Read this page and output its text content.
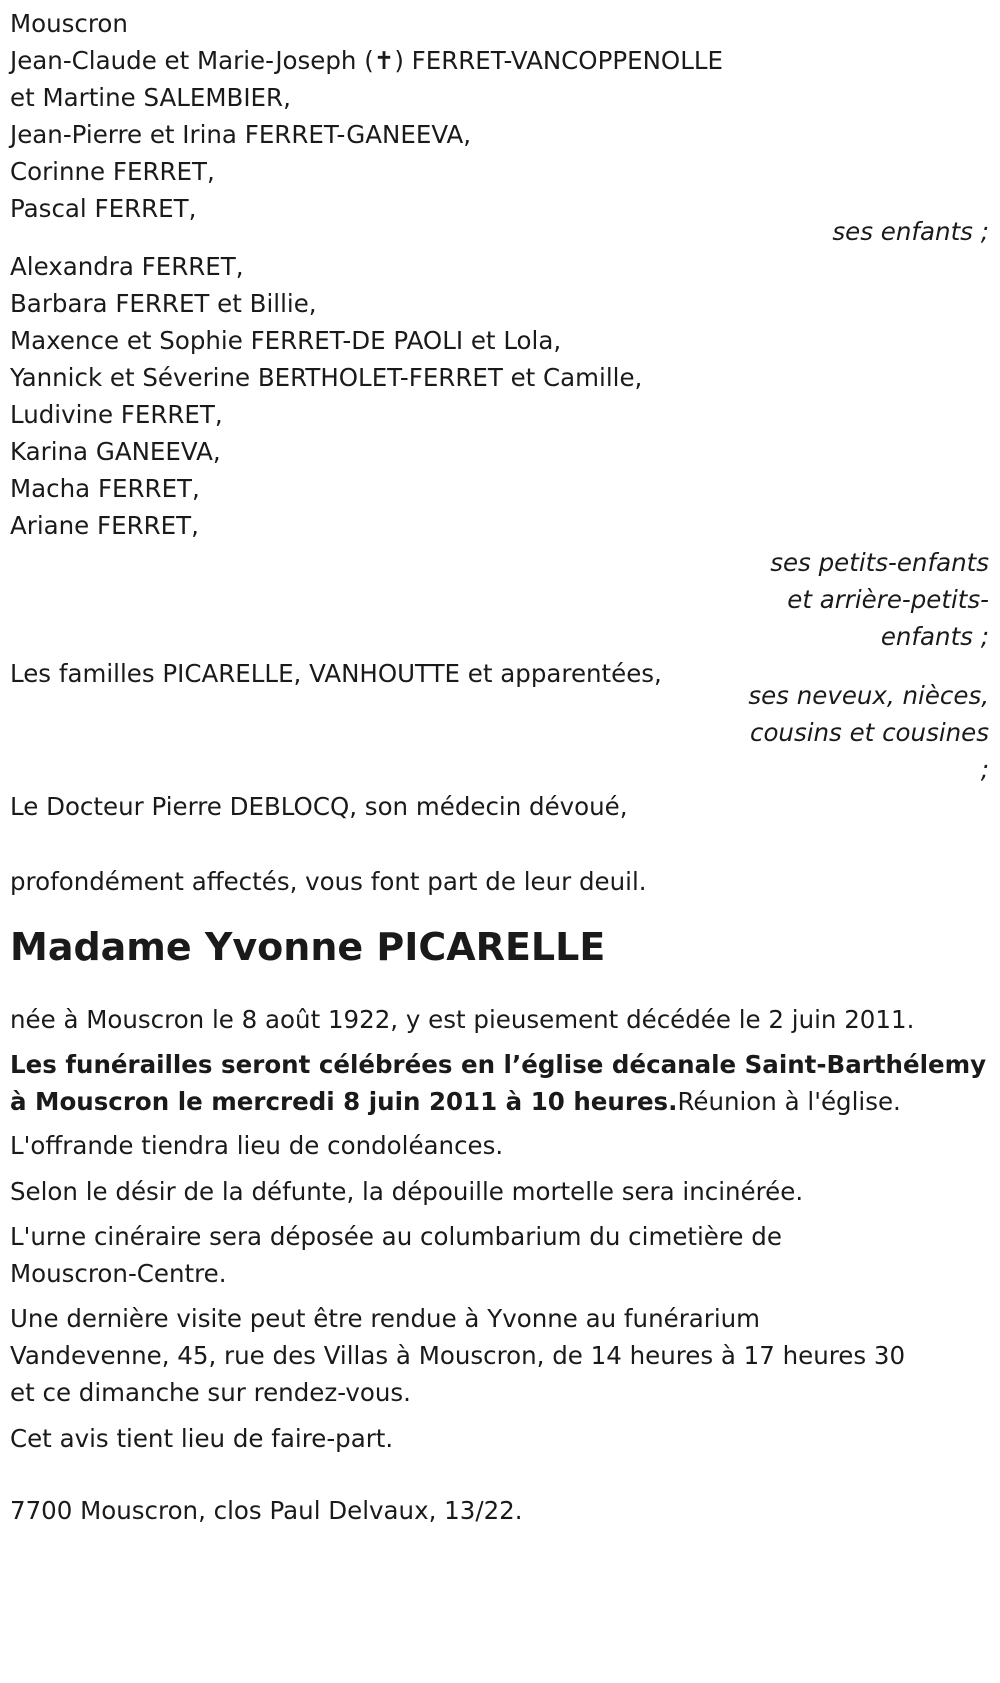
Mouscron
Jean-Claude et Marie-Joseph (✝) FERRET-VANCOPPENOLLE
et Martine SALEMBIER,
Jean-Pierre et Irina FERRET-GANEEVA,
Corinne FERRET,
Pascal FERRET,
ses enfants ;
Alexandra FERRET,
Barbara FERRET et Billie,
Maxence et Sophie FERRET-DE PAOLI et Lola,
Yannick et Séverine BERTHOLET-FERRET et Camille,
Ludivine FERRET,
Karina GANEEVA,
Macha FERRET,
Ariane FERRET,
ses petits-enfants
et arrière-petits-
enfants ;
Les familles PICARELLE, VANHOUTTE et apparentées,
ses neveux, nièces,
cousins et cousines
;
Le Docteur Pierre DEBLOCQ, son médecin dévoué,
profondément affectés, vous font part de leur deuil.
Madame Yvonne PICARELLE

née à Mouscron le 8 août 1922, y est pieusement décédée le 2 juin 2011.

Les funérailles seront célébrées en l’église décanale Saint-Barthélemy à Mouscron le mercredi 8 juin 2011 à 10 heures.Réunion à l'église.

L'offrande tiendra lieu de condoléances.

Selon le désir de la défunte, la dépouille mortelle sera incinérée.

L'urne cinéraire sera déposée au columbarium du cimetière de Mouscron-Centre.

Une dernière visite peut être rendue à Yvonne au funérarium Vandevenne, 45, rue des Villas à Mouscron, de 14 heures à 17 heures 30 et ce dimanche sur rendez-vous.

Cet avis tient lieu de faire-part.

7700 Mouscron, clos Paul Delvaux, 13/22.
